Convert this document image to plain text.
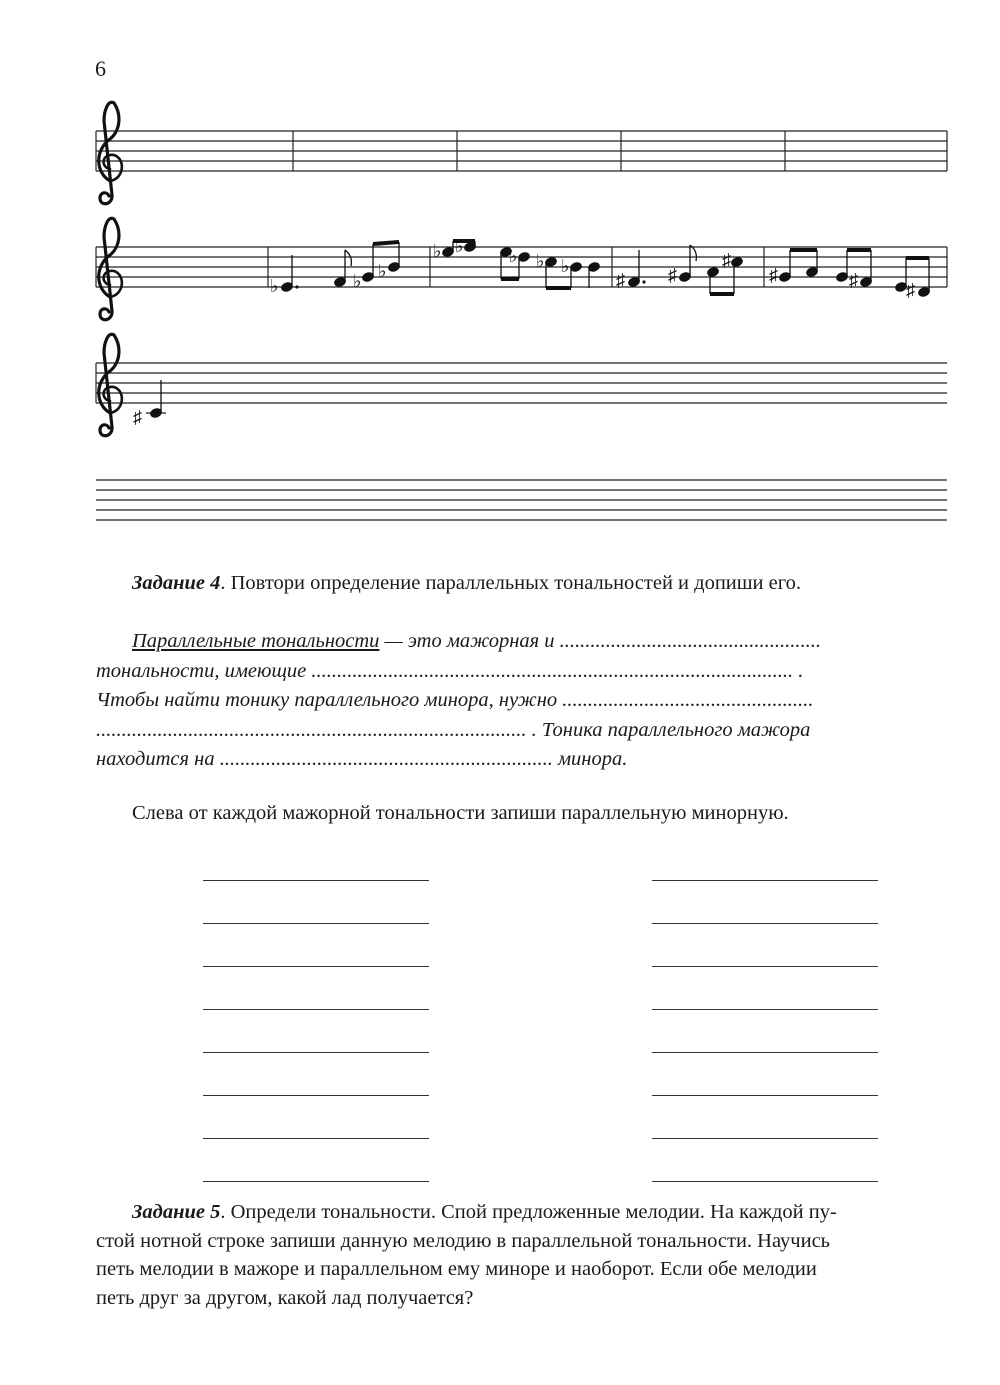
6
♭	♭ ♭
♭ ♭	♭ ♭ ♭
♯ ♯
♯
♯	♯	♯
♯
Задание 4. Повтори определение параллельных тональностей и допиши его.
Параллельные тональности — это мажорная и ...................................................
тональности, имеющие .............................................................................................. .
Чтобы найти тонику параллельного минора, нужно .................................................
.................................................................................... . Тоника параллельного мажора
находится на ................................................................. минора.
Слева от каждой мажорной тональности запиши параллельную минорную.
Задание 5. Определи тональности. Спой предложенные мелодии. На каждой пу-
стой нотной строке запиши данную мелодию в параллельной тональности. Научись
петь мелодии в мажоре и параллельном ему миноре и наоборот. Если обе мелодии
петь друг за другом, какой лад получается?
